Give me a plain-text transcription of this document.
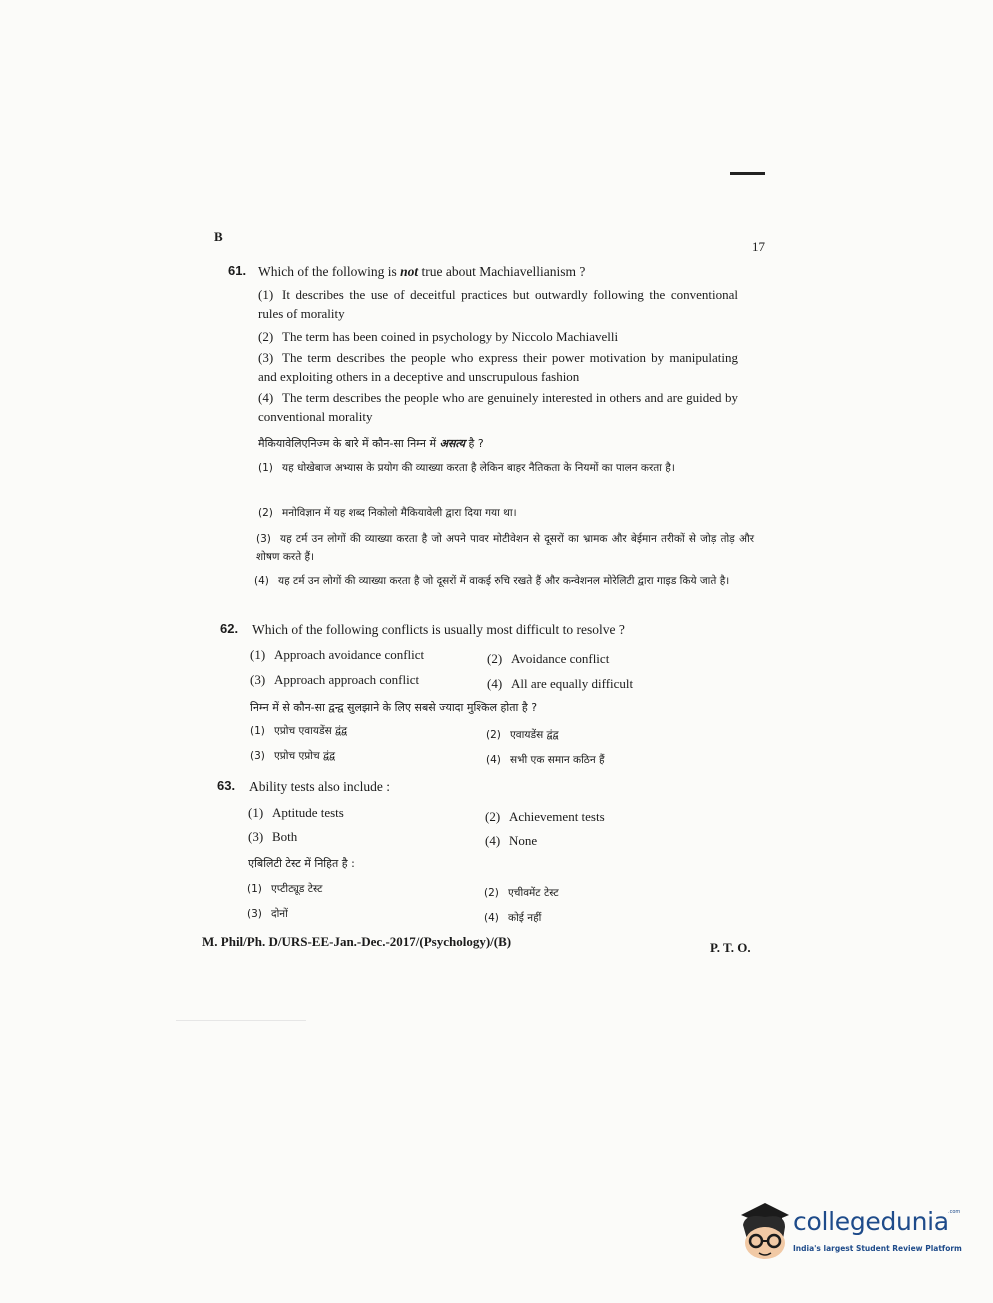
B
17
61. Which of the following is not true about Machiavellianism ?
(1) It describes the use of deceitful practices but outwardly following the conventional rules of morality
(2) The term has been coined in psychology by Niccolo Machiavelli
(3) The term describes the people who express their power motivation by manipulating and exploiting others in a deceptive and unscrupulous fashion
(4) The term describes the people who are genuinely interested in others and are guided by conventional morality
मैकियावेलिएनिज्म के बारे में कौन-सा निम्न में असत्य है ?
(1) यह धोखेबाज अभ्यास के प्रयोग की व्याख्या करता है लेकिन बाहर नैतिकता के नियमों का पालन करता है।
(2) मनोविज्ञान में यह शब्द निकोलो मैकियावेली द्वारा दिया गया था।
(3) यह टर्म उन लोगों की व्याख्या करता है जो अपने पावर मोटीवेशन से दूसरों का भ्रामक और बेईमान तरीकों से जोड़ तोड़ और शोषण करते हैं।
(4) यह टर्म उन लोगों की व्याख्या करता है जो दूसरों में वाकई रुचि रखते हैं और कन्वेशनल मोरेलिटी द्वारा गाइड किये जाते है।
62. Which of the following conflicts is usually most difficult to resolve ?
(1) Approach avoidance conflict	(2) Avoidance conflict
(3) Approach approach conflict	(4) All are equally difficult
निम्न में से कौन-सा द्वन्द्व सुलझाने के लिए सबसे ज्यादा मुश्किल होता है ?
(1) एप्रोच एवायडेंस द्वंद्व	(2) एवायडेंस द्वंद्व
(3) एप्रोच एप्रोच द्वंद्व	(4) सभी एक समान कठिन हैं
63. Ability tests also include :
(1) Aptitude tests	(2) Achievement tests
(3) Both	(4) None
एबिलिटी टेस्ट में निहित है :
(1) एप्टीट्यूड टेस्ट	(2) एचीवमेंट टेस्ट
(3) दोनों	(4) कोई नहीं
M. Phil/Ph. D/URS-EE-Jan.-Dec.-2017/(Psychology)/(B)	P. T. O.
collegedunia .com
India's largest Student Review Platform
